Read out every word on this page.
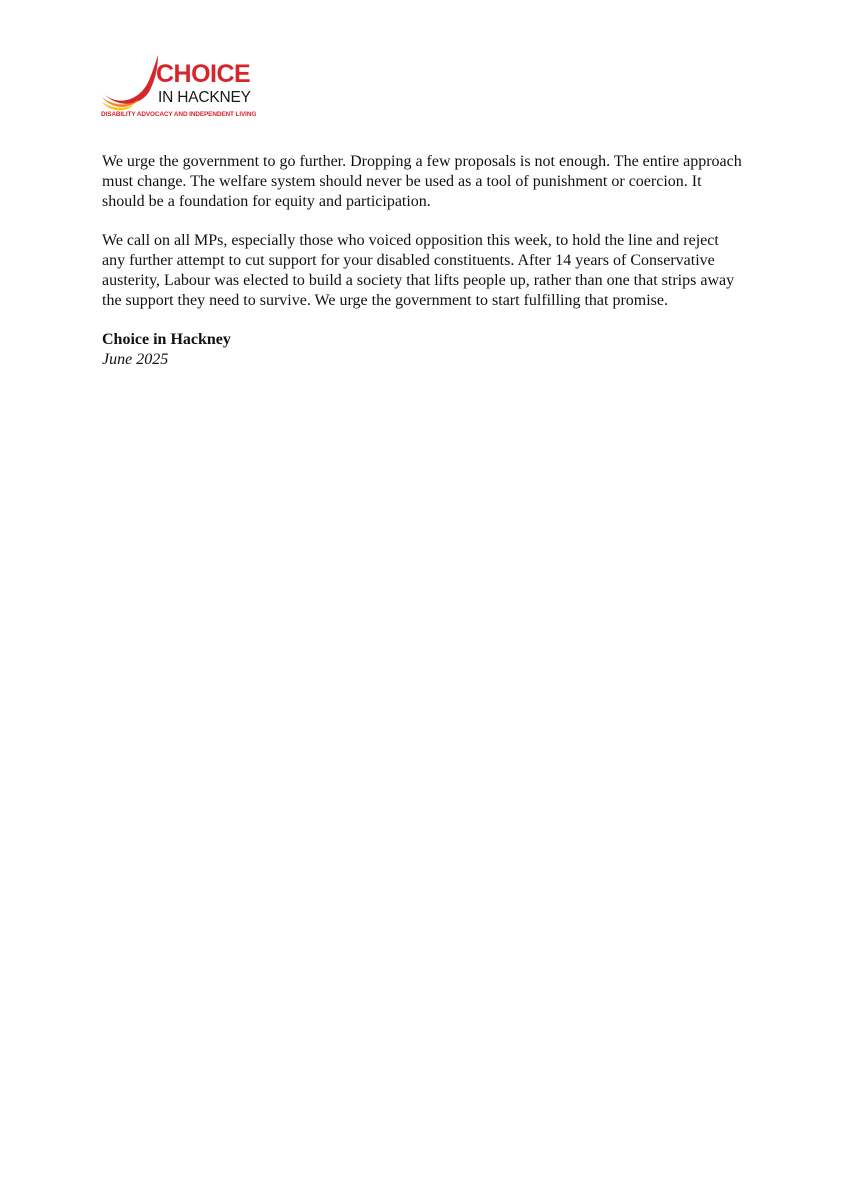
CHOICE
IN HACKNEY
DISABILITY ADVOCACY AND INDEPENDENT LIVING

We urge the government to go further. Dropping a few proposals is not enough. The entire approach must change. The welfare system should never be used as a tool of punishment or coercion. It should be a foundation for equity and participation.

We call on all MPs, especially those who voiced opposition this week, to hold the line and reject any further attempt to cut support for your disabled constituents. After 14 years of Conservative austerity, Labour was elected to build a society that lifts people up, rather than one that strips away the support they need to survive. We urge the government to start fulfilling that promise.

Choice in Hackney

June 2025
